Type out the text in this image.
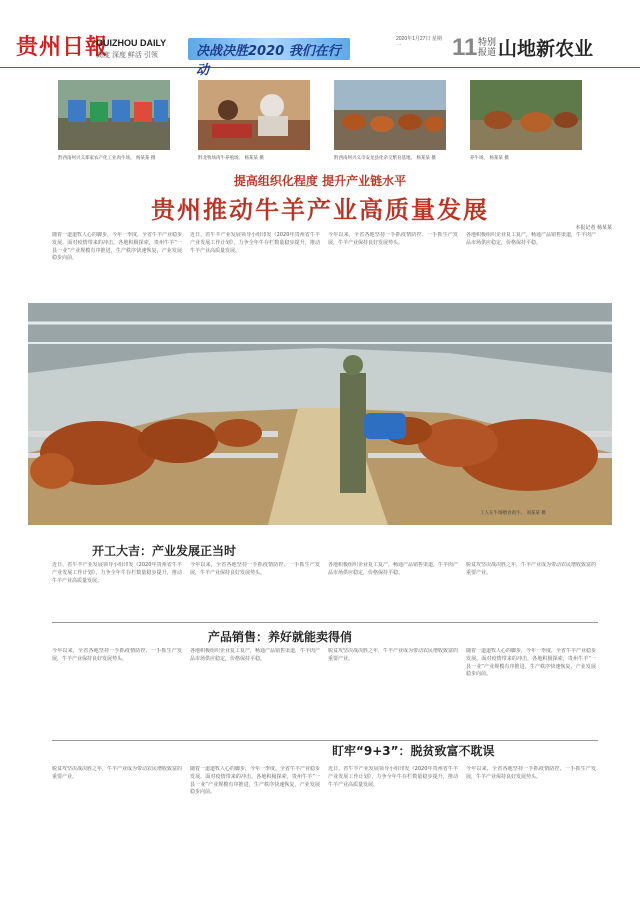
贵州日報
GUIZHOU DAILY
高度 深度 鲜活 引领	决战决胜2020 我们在行动
2020年1月27日 星期一	11 特别报道 山地新农业
黔西南州兴义郑家农产化工业肉牛场。 杨某某 摄	黔北牧场肉牛养殖场。 杨某某 摄	黔西南州兴义市安龙县化杂交繁育基地。 杨某某 摄	养牛场。 杨某某 摄
提高组织化程度 提升产业链水平
贵州推动牛羊产业高质量发展
本报记者 杨某某
随着一道道牧人心的脚步，今年一季度，全省牛羊产业稳步发展。面对疫情带来的冲击，各地积极探索，贵州牛羊“一县一业”产业规模有序推进，生产秩序快速恢复，产业发展稳步向前。
近日，省牛羊产业发展领导小组印发《2020年贵州省牛羊产业发展工作计划》，力争全年牛存栏数量稳步提升，推动牛羊产业高质量发展。
今年以来，全省各地坚持一手抓疫情防控、一手抓生产发展，牛羊产业保持良好发展势头。
各地积极组织企业复工复产，畅通产品销售渠道，牛羊肉产品市场供应稳定，价格保持平稳。
工人在牛场喂食肉牛。 刘某某 摄
开工大吉：产业发展正当时
近日，省牛羊产业发展领导小组印发《2020年贵州省牛羊产业发展工作计划》，力争全年牛存栏数量稳步提升，推动牛羊产业高质量发展。
今年以来，全省各地坚持一手抓疫情防控、一手抓生产发展，牛羊产业保持良好发展势头。
各地积极组织企业复工复产，畅通产品销售渠道，牛羊肉产品市场供应稳定，价格保持平稳。
脱贫攻坚决战决胜之年，牛羊产业成为带动农民增收致富的重要产业。
产品销售：养好就能卖得俏
今年以来，全省各地坚持一手抓疫情防控、一手抓生产发展，牛羊产业保持良好发展势头。
各地积极组织企业复工复产，畅通产品销售渠道，牛羊肉产品市场供应稳定，价格保持平稳。
脱贫攻坚决战决胜之年，牛羊产业成为带动农民增收致富的重要产业。
随着一道道牧人心的脚步，今年一季度，全省牛羊产业稳步发展。面对疫情带来的冲击，各地积极探索，贵州牛羊“一县一业”产业规模有序推进，生产秩序快速恢复，产业发展稳步向前。
盯牢“9+3”：脱贫致富不耽误
脱贫攻坚决战决胜之年，牛羊产业成为带动农民增收致富的重要产业。
随着一道道牧人心的脚步，今年一季度，全省牛羊产业稳步发展。面对疫情带来的冲击，各地积极探索，贵州牛羊“一县一业”产业规模有序推进，生产秩序快速恢复，产业发展稳步向前。
近日，省牛羊产业发展领导小组印发《2020年贵州省牛羊产业发展工作计划》，力争全年牛存栏数量稳步提升，推动牛羊产业高质量发展。
今年以来，全省各地坚持一手抓疫情防控、一手抓生产发展，牛羊产业保持良好发展势头。
